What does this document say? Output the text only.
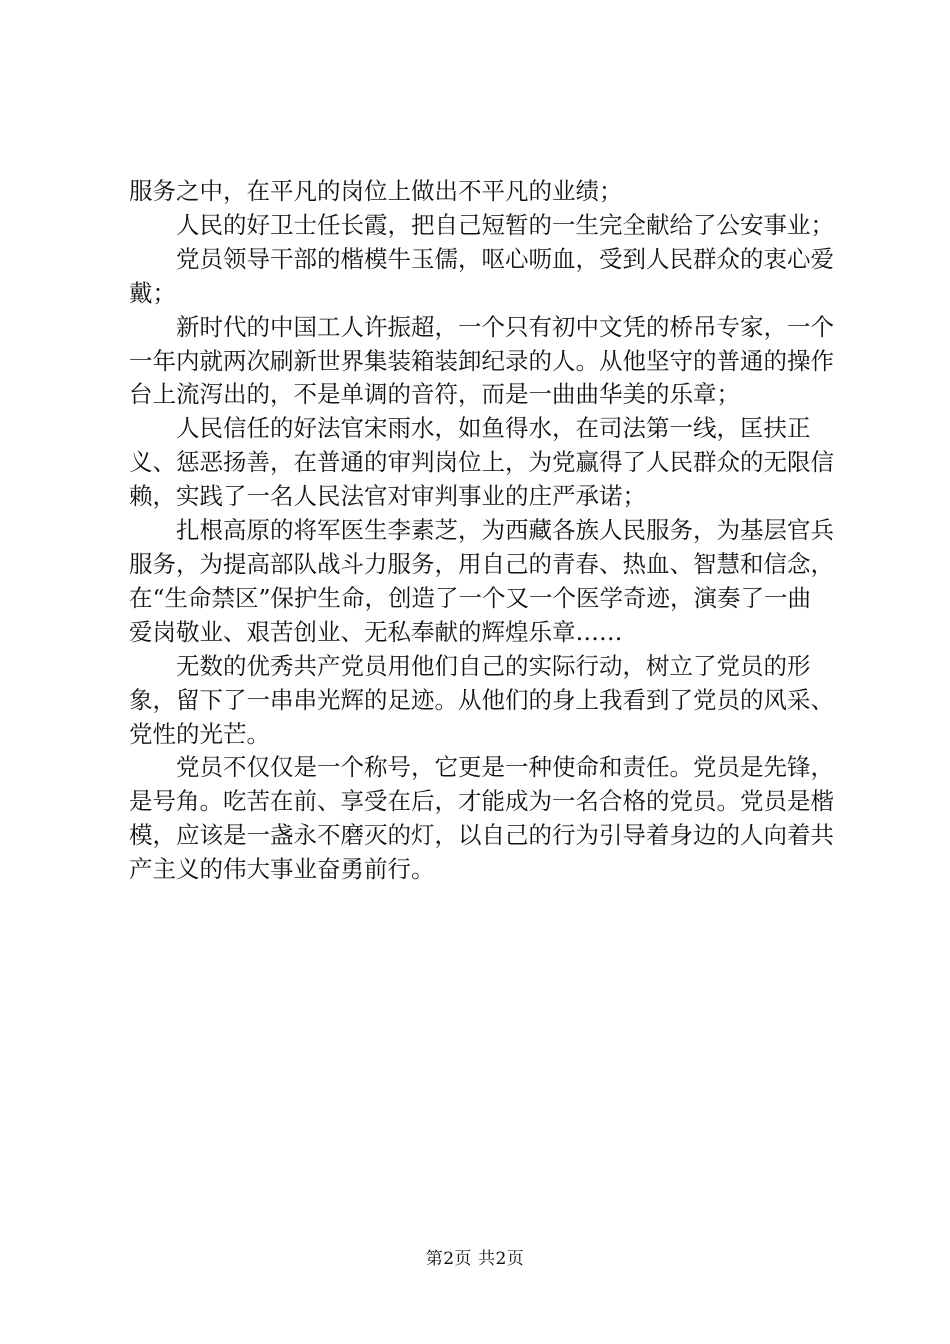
服务之中，在平凡的岗位上做出不平凡的业绩；

人民的好卫士任长霞，把自己短暂的一生完全献给了公安事业；

党员领导干部的楷模牛玉儒，呕心呖血，受到人民群众的衷心爱戴；

新时代的中国工人许振超，一个只有初中文凭的桥吊专家，一个一年内就两次刷新世界集装箱装卸纪录的人。从他坚守的普通的操作台上流泻出的，不是单调的音符，而是一曲曲华美的乐章；

人民信任的好法官宋雨水，如鱼得水，在司法第一线，匡扶正义、惩恶扬善，在普通的审判岗位上，为党赢得了人民群众的无限信赖，实践了一名人民法官对审判事业的庄严承诺；

扎根高原的将军医生李素芝，为西藏各族人民服务，为基层官兵服务，为提高部队战斗力服务，用自己的青春、热血、智慧和信念，在“生命禁区”保护生命，创造了一个又一个医学奇迹，演奏了一曲爱岗敬业、艰苦创业、无私奉献的辉煌乐章……

无数的优秀共产党员用他们自己的实际行动，树立了党员的形象，留下了一串串光辉的足迹。从他们的身上我看到了党员的风采、党性的光芒。

党员不仅仅是一个称号，它更是一种使命和责任。党员是先锋，是号角。吃苦在前、享受在后，才能成为一名合格的党员。党员是楷模，应该是一盏永不磨灭的灯，以自己的行为引导着身边的人向着共产主义的伟大事业奋勇前行。

第2页 共2页
